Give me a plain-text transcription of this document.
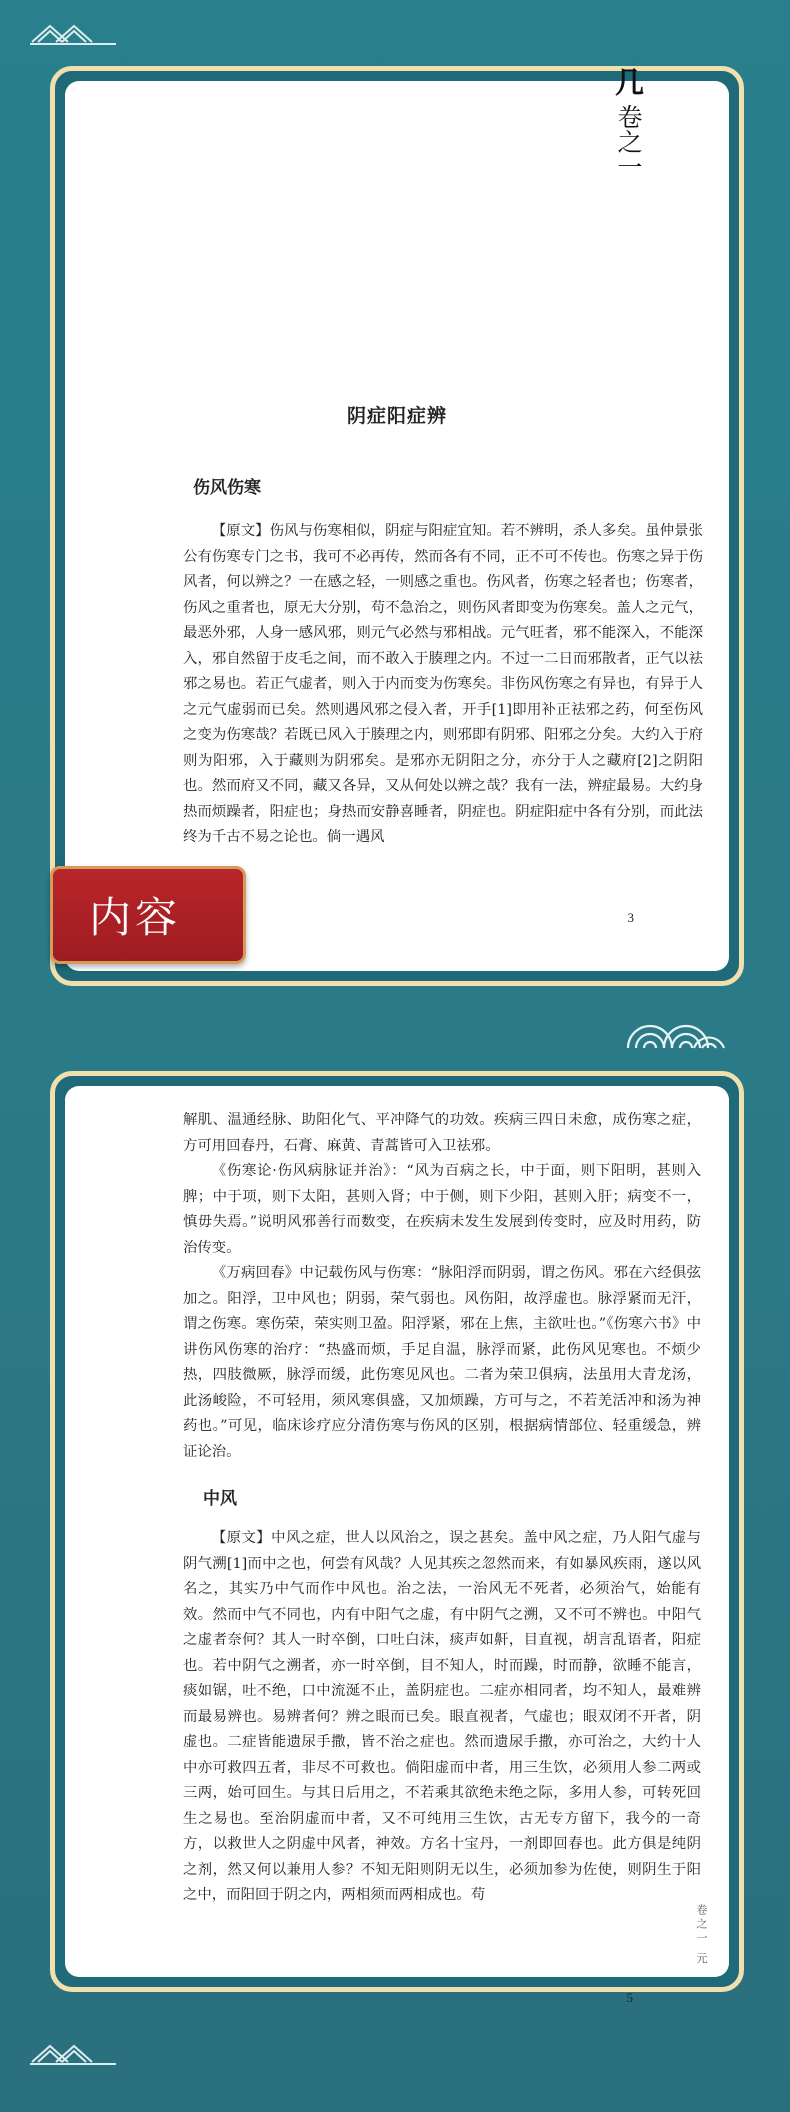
几 卷之一
阴症阳症辨
伤风伤寒

【原文】伤风与伤寒相似，阴症与阳症宜知。若不辨明，杀人多矣。虽仲景张公有伤寒专门之书，我可不必再传，然而各有不同，正不可不传也。伤寒之异于伤风者，何以辨之？一在感之轻，一则感之重也。伤风者，伤寒之轻者也；伤寒者，伤风之重者也，原无大分别，苟不急治之，则伤风者即变为伤寒矣。盖人之元气，最恶外邪，人身一感风邪，则元气必然与邪相战。元气旺者，邪不能深入，不能深入，邪自然留于皮毛之间，而不敢入于腠理之内。不过一二日而邪散者，正气以祛邪之易也。若正气虚者，则入于内而变为伤寒矣。非伤风伤寒之有异也，有异于人之元气虚弱而已矣。然则遇风邪之侵入者，开手[1]即用补正祛邪之药，何至伤风之变为伤寒哉？若既已风入于腠理之内，则邪即有阴邪、阳邪之分矣。大约入于府则为阳邪，入于藏则为阴邪矣。是邪亦无阴阳之分，亦分于人之藏府[2]之阴阳也。然而府又不同，藏又各异，又从何处以辨之哉？我有一法，辨症最易。大约身热而烦躁者，阳症也；身热而安静喜睡者，阴症也。阴症阳症中各有分别，而此法终为千古不易之论也。倘一遇风

3
内容

解肌、温通经脉、助阳化气、平冲降气的功效。疾病三四日未愈，成伤寒之症，方可用回春丹，石膏、麻黄、青蒿皆可入卫祛邪。

《伤寒论·伤风病脉证并治》：“风为百病之长，中于面，则下阳明，甚则入脾；中于项，则下太阳，甚则入肾；中于侧，则下少阳，甚则入肝；病变不一，慎毋失焉。”说明风邪善行而数变，在疾病未发生发展到传变时，应及时用药，防治传变。

《万病回春》中记载伤风与伤寒：“脉阳浮而阴弱，谓之伤风。邪在六经俱弦加之。阳浮，卫中风也；阴弱，荣气弱也。风伤阳，故浮虚也。脉浮紧而无汗，谓之伤寒。寒伤荣，荣实则卫盈。阳浮紧，邪在上焦，主欲吐也。”《伤寒六书》中讲伤风伤寒的治疗：“热盛而烦，手足自温，脉浮而紧，此伤风见寒也。不烦少热，四肢微厥，脉浮而缓，此伤寒见风也。二者为荣卫俱病，法虽用大青龙汤，此汤峻险，不可轻用，须风寒俱盛，又加烦躁，方可与之，不若羌活冲和汤为神药也。”可见，临床诊疗应分清伤寒与伤风的区别，根据病情部位、轻重缓急，辨证论治。

中风

【原文】中风之症，世人以风治之，误之甚矣。盖中风之症，乃人阳气虚与阴气溯[1]而中之也，何尝有风哉？人见其疾之忽然而来，有如暴风疾雨，遂以风名之，其实乃中气而作中风也。治之法，一治风无不死者，必须治气，始能有效。然而中气不同也，内有中阳气之虚，有中阴气之溯，又不可不辨也。中阳气之虚者奈何？其人一时卒倒，口吐白沫，痰声如鼾，目直视，胡言乱语者，阳症也。若中阴气之溯者，亦一时卒倒，目不知人，时而躁，时而静，欲睡不能言，痰如锯，吐不绝，口中流涎不止，盖阴症也。二症亦相同者，均不知人，最难辨而最易辨也。易辨者何？辨之眼而已矣。眼直视者，气虚也；眼双闭不开者，阴虚也。二症皆能遗尿手撒，皆不治之症也。然而遗尿手撒，亦可治之，大约十人中亦可救四五者，非尽不可救也。倘阳虚而中者，用三生饮，必须用人参二两或三两，始可回生。与其日后用之，不若乘其欲绝未绝之际，多用人参，可转死回生之易也。至治阴虚而中者，又不可纯用三生饮，古无专方留下，我今的一奇方，以救世人之阴虚中风者，神效。方名十宝丹，一剂即回春也。此方俱是纯阴之剂，然又何以兼用人参？不知无阳则阴无以生，必须加参为佐使，则阴生于阳之中，而阳回于阴之内，两相须而两相成也。苟

卷之一 元
5
